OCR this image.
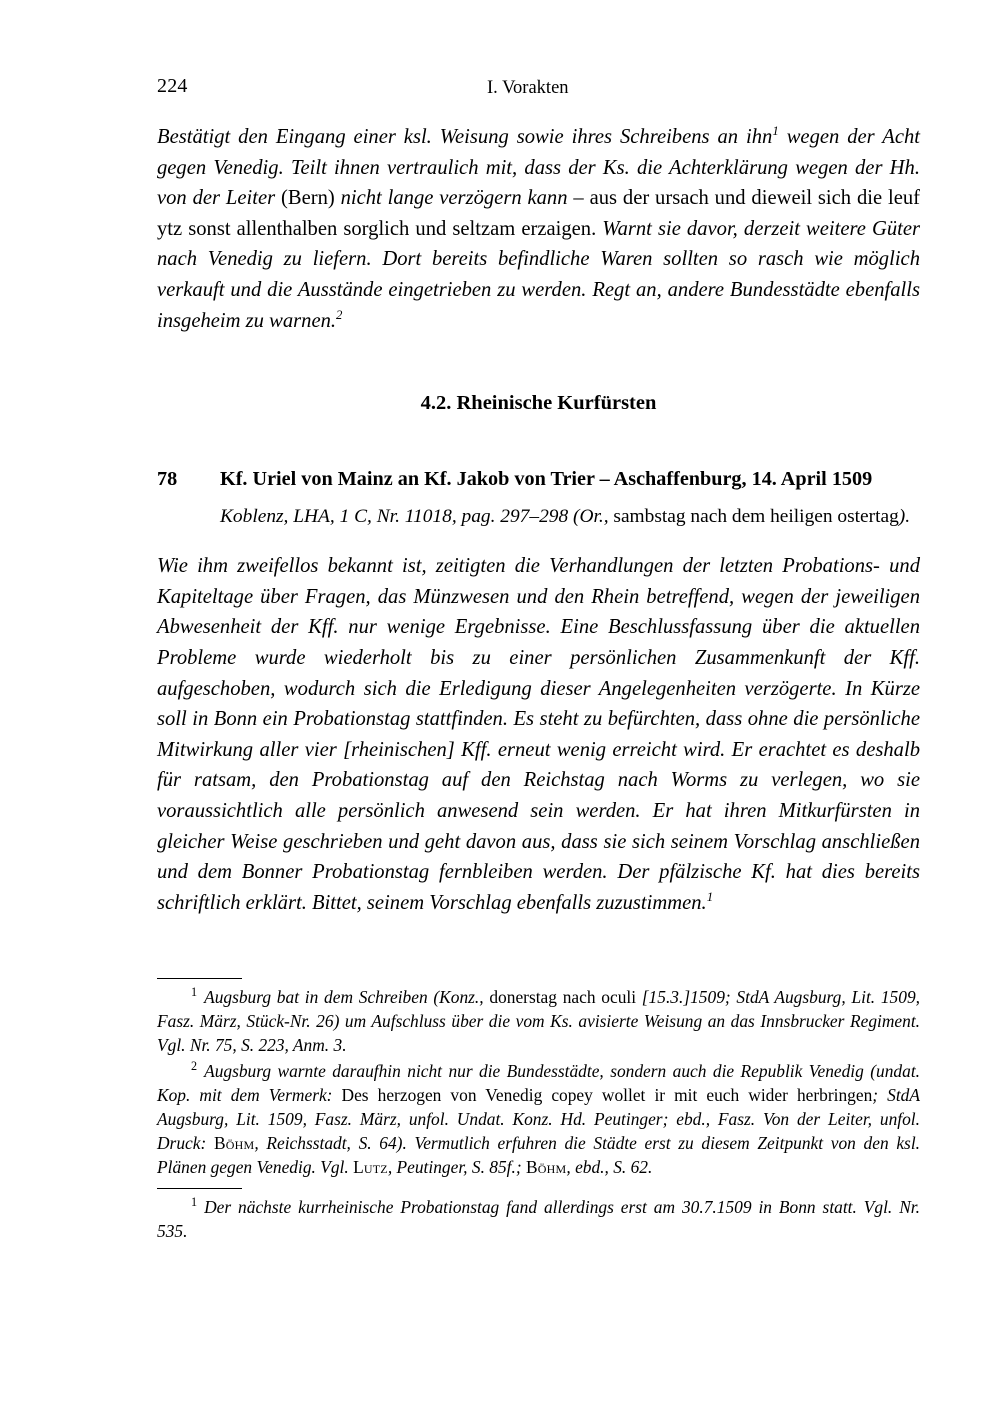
224	I. Vorakten

Bestätigt den Eingang einer ksl. Weisung sowie ihres Schreibens an ihn$^1$ wegen der Acht gegen Venedig. Teilt ihnen vertraulich mit, dass der Ks. die Achterklärung wegen der Hh. von der Leiter (Bern) nicht lange verzögern kann – aus der ursach und dieweil sich die leuf ytz sonst allenthalben sorglich und seltzam erzaigen. Warnt sie davor, derzeit weitere Güter nach Venedig zu liefern. Dort bereits befindliche Waren sollten so rasch wie möglich verkauft und die Ausstände eingetrieben zu werden. Regt an, andere Bundesstädte ebenfalls insgeheim zu warnen.$^2$

4.2. Rheinische Kurfürsten
78 Kf. Uriel von Mainz an Kf. Jakob von Trier – Aschaffenburg, 14. April 1509

Koblenz, LHA, 1 C, Nr. 11018, pag. 297–298 (Or., sambstag nach dem heiligen ostertag).

Wie ihm zweifellos bekannt ist, zeitigten die Verhandlungen der letzten Probations- und Kapiteltage über Fragen, das Münzwesen und den Rhein betreffend, wegen der jeweiligen Abwesenheit der Kff. nur wenige Ergebnisse. Eine Beschlussfassung über die aktuellen Probleme wurde wiederholt bis zu einer persönlichen Zusammenkunft der Kff. aufgeschoben, wodurch sich die Erledigung dieser Angelegenheiten verzögerte. In Kürze soll in Bonn ein Probationstag stattfinden. Es steht zu befürchten, dass ohne die persönliche Mitwirkung aller vier [rheinischen] Kff. erneut wenig erreicht wird. Er erachtet es deshalb für ratsam, den Probationstag auf den Reichstag nach Worms zu verlegen, wo sie voraussichtlich alle persönlich anwesend sein werden. Er hat ihren Mitkurfürsten in gleicher Weise geschrieben und geht davon aus, dass sie sich seinem Vorschlag anschließen und dem Bonner Probationstag fernbleiben werden. Der pfälzische Kf. hat dies bereits schriftlich erklärt. Bittet, seinem Vorschlag ebenfalls zuzustimmen.$^1$

$^1$ Augsburg bat in dem Schreiben (Konz., donerstag nach oculi [15.3.]1509; StdA Augsburg, Lit. 1509, Fasz. März, Stück-Nr. 26) um Aufschluss über die vom Ks. avisierte Weisung an das Innsbrucker Regiment. Vgl. Nr. 75, S. 223, Anm. 3.

$^2$ Augsburg warnte daraufhin nicht nur die Bundesstädte, sondern auch die Republik Venedig (undat. Kop. mit dem Vermerk: Des herzogen von Venedig copey wollet ir mit euch wider herbringen; StdA Augsburg, Lit. 1509, Fasz. März, unfol. Undat. Konz. Hd. Peutinger; ebd., Fasz. Von der Leiter, unfol. Druck: Böhm, Reichsstadt, S. 64). Vermutlich erfuhren die Städte erst zu diesem Zeitpunkt von den ksl. Plänen gegen Venedig. Vgl. Lutz, Peutinger, S. 85f.; Böhm, ebd., S. 62.

$^1$ Der nächste kurrheinische Probationstag fand allerdings erst am 30.7.1509 in Bonn statt. Vgl. Nr. 535.
